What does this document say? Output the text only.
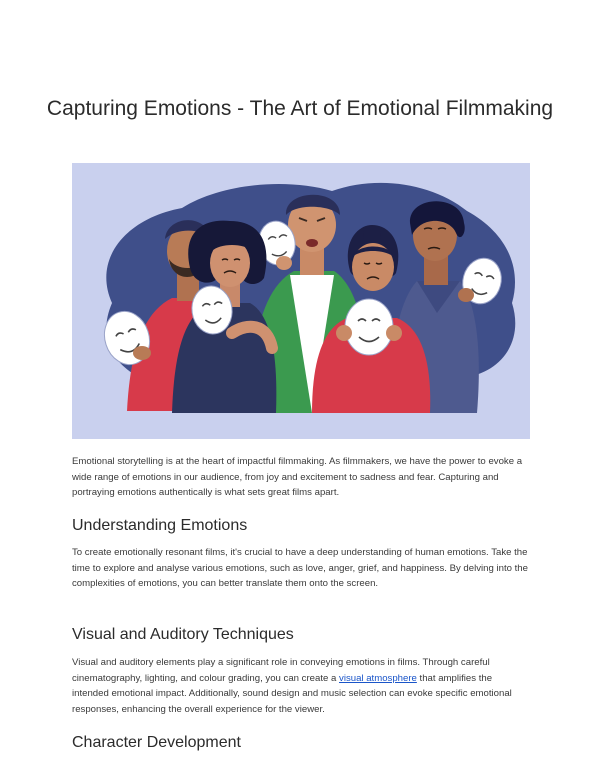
Capturing Emotions - The Art of Emotional Filmmaking

Emotional storytelling is at the heart of impactful filmmaking. As filmmakers, we have the power to evoke a wide range of emotions in our audience, from joy and excitement to sadness and fear. Capturing and portraying emotions authentically is what sets great films apart.

Understanding Emotions

To create emotionally resonant films, it's crucial to have a deep understanding of human emotions. Take the time to explore and analyse various emotions, such as love, anger, grief, and happiness. By delving into the complexities of emotions, you can better translate them onto the screen.

Visual and Auditory Techniques

Visual and auditory elements play a significant role in conveying emotions in films. Through careful cinematography, lighting, and colour grading, you can create a visual atmosphere that amplifies the intended emotional impact. Additionally, sound design and music selection can evoke specific emotional responses, enhancing the overall experience for the viewer.

Character Development
